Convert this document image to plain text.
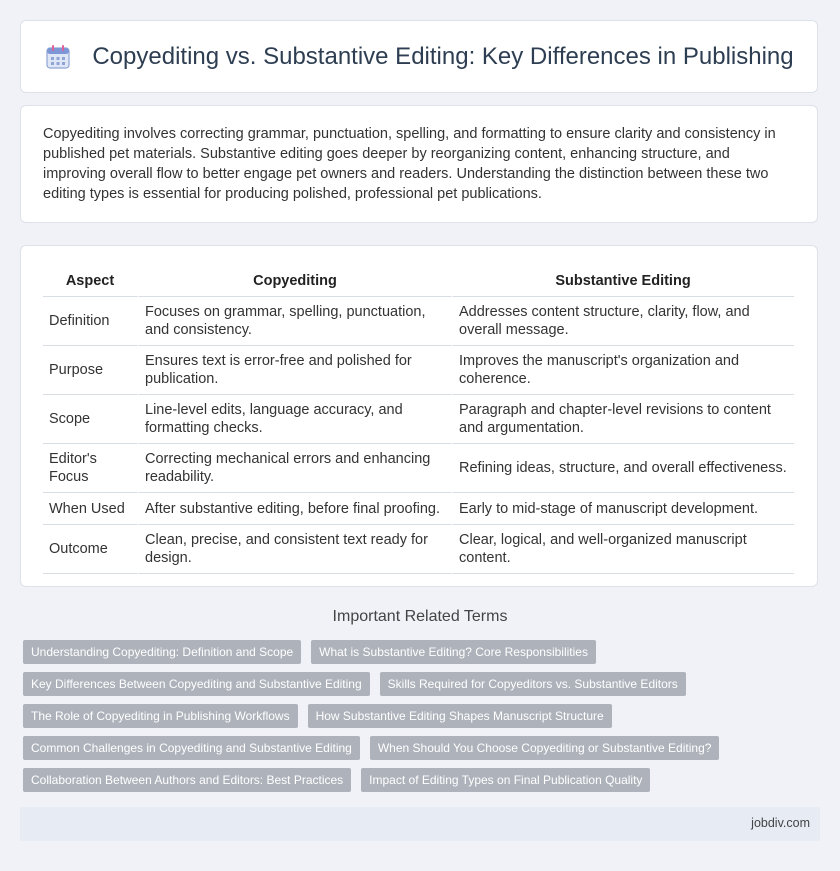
Copyediting vs. Substantive Editing: Key Differences in Publishing

Copyediting involves correcting grammar, punctuation, spelling, and formatting to ensure clarity and consistency in published pet materials. Substantive editing goes deeper by reorganizing content, enhancing structure, and improving overall flow to better engage pet owners and readers. Understanding the distinction between these two editing types is essential for producing polished, professional pet publications.

Aspect	Copyediting	Substantive Editing
Definition	Focuses on grammar, spelling, punctuation, and consistency.	Addresses content structure, clarity, flow, and overall message.
Purpose	Ensures text is error-free and polished for publication.	Improves the manuscript's organization and coherence.
Scope	Line-level edits, language accuracy, and formatting checks.	Paragraph and chapter-level revisions to content and argumentation.
Editor's Focus	Correcting mechanical errors and enhancing readability.	Refining ideas, structure, and overall effectiveness.
When Used	After substantive editing, before final proofing.	Early to mid-stage of manuscript development.
Outcome	Clean, precise, and consistent text ready for design.	Clear, logical, and well-organized manuscript content.
Important Related Terms
Understanding Copyediting: Definition and Scope	What is Substantive Editing? Core Responsibilities
Key Differences Between Copyediting and Substantive Editing	Skills Required for Copyeditors vs. Substantive Editors
The Role of Copyediting in Publishing Workflows	How Substantive Editing Shapes Manuscript Structure
Common Challenges in Copyediting and Substantive Editing	When Should You Choose Copyediting or Substantive Editing?
Collaboration Between Authors and Editors: Best Practices	Impact of Editing Types on Final Publication Quality
jobdiv.com
